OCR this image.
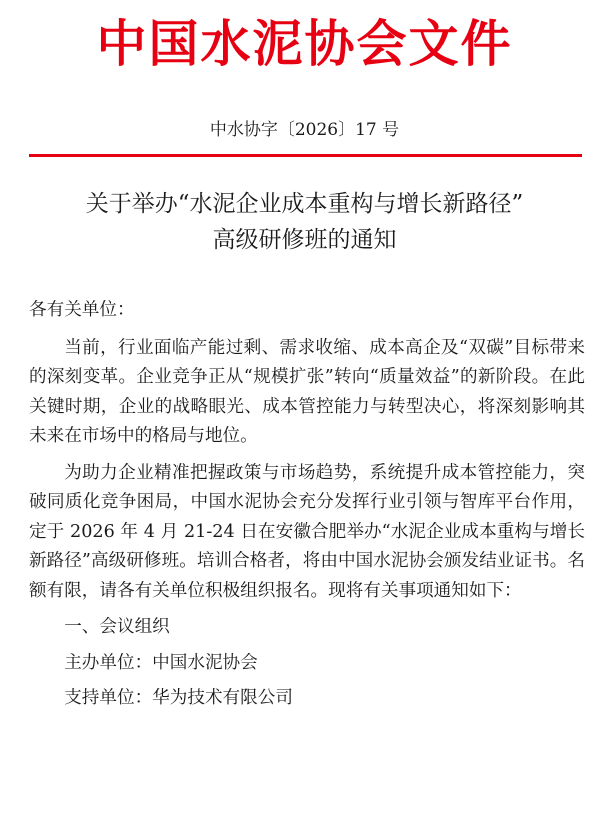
中国水泥协会文件
中水协字〔2026〕17 号
关于举办“水泥企业成本重构与增长新路径”
高级研修班的通知

各有关单位：

当前，行业面临产能过剩、需求收缩、成本高企及“双碳”目标带来的深刻变革。企业竞争正从“规模扩张”转向“质量效益”的新阶段。在此关键时期，企业的战略眼光、成本管控能力与转型决心，将深刻影响其未来在市场中的格局与地位。

为助力企业精准把握政策与市场趋势，系统提升成本管控能力，突破同质化竞争困局，中国水泥协会充分发挥行业引领与智库平台作用，定于 2026 年 4 月 21-24 日在安徽合肥举办“水泥企业成本重构与增长新路径”高级研修班。培训合格者，将由中国水泥协会颁发结业证书。名额有限，请各有关单位积极组织报名。现将有关事项通知如下：

一、会议组织

主办单位：中国水泥协会

支持单位：华为技术有限公司
